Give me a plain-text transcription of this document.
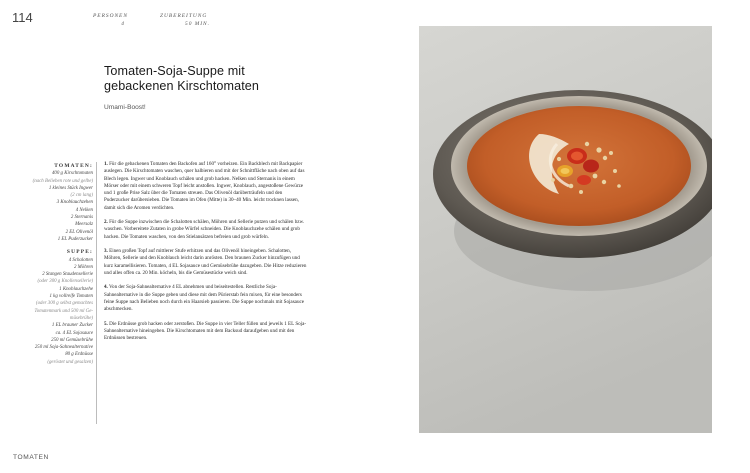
114	PERSONEN
4
ZUBEREITUNG
50 MIN.
Tomaten-Soja-Suppe mit
gebackenen Kirschtomaten
Umami-Boost!
TOMATEN:
400 g Kirschtomaten
(nach Belieben rote und gelbe)
1 kleines Stück Ingwer
(2 cm lang)
3 Knoblauchzehen
4 Nelken
2 Sternanis
Meersalz
2 EL Olivenöl
1 EL Puderzucker
SUPPE:
4 Schalotten
2 Möhren
2 Stangen Staudensellerie
(oder 300 g Knollensellerie)
1 Knoblauchzehe
1 kg vollreife Tomaten
(oder 300 g selbst gemachtes
Tomatenmark und 500 ml Ge-
müsebrühe)
1 EL brauner Zucker
ca. 4 EL Sojasauce
250 ml Gemüsebrühe
250 ml Soja-Sahnealternative
80 g Erdnüsse
(geröstet und gesalzen)

1. Für die gebackenen Tomaten den Backofen auf 160° vorheizen. Ein Backblech mit Backpapier auslegen. Die Kirschtomaten waschen, quer halbieren und mit der Schnittfläche nach oben auf das Blech legen. Ingwer und Knoblauch schälen und grob hacken. Nelken und Sternanis in einem Mörser oder mit einem schweren Topf leicht anstoßen. Ingwer, Knoblauch, angestoßene Gewürze und 1 große Prise Salz über die Tomaten streuen. Das Olivenöl darüberträufeln und den Puderzucker darübersieben. Die Tomaten im Ofen (Mitte) in 30–40 Min. leicht trocknen lassen, damit sich die Aromen verdichten.

2. Für die Suppe inzwischen die Schalotten schälen, Möhren und Sellerie putzen und schälen bzw. waschen. Vorbereitete Zutaten in grobe Würfel schneiden. Die Knoblauchzehe schälen und grob hacken. Die Tomaten waschen, von den Stielansätzen befreien und grob würfeln.

3. Einen großen Topf auf mittlerer Stufe erhitzen und das Olivenöl hineingeben. Schalotten, Möhren, Sellerie und den Knoblauch leicht darin anrösten. Den braunen Zucker hinzufügen und kurz karamellisieren. Tomaten, 4 EL Sojasauce und Gemüsebrühe dazugeben. Die Hitze reduzieren und alles offen ca. 20 Min. köcheln, bis die Gemüsestücke weich sind.

4. Von der Soja-Sahnealternative 4 EL abnehmen und beiseitestellen. Restliche Soja-Sahnealternative in die Suppe geben und diese mit dem Pürierstab fein mixen, für eine besonders feine Suppe nach Belieben noch durch ein Haarsieb passieren. Die Suppe nochmals mit Sojasauce abschmecken.

5. Die Erdnüsse grob hacken oder zerstoßen. Die Suppe in vier Teller füllen und jeweils 1 EL Soja-Sahnealternative hineingeben. Die Kirschtomaten mit dem Backsud daraufgeben und mit den Erdnüssen bestreuen.

TOMATEN
